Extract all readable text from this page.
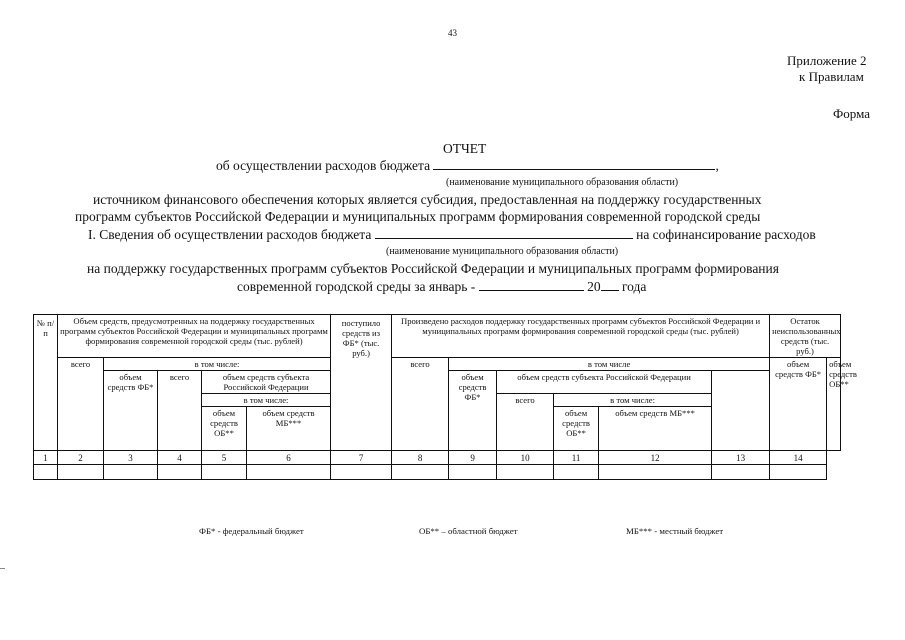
43
Приложение 2
к Правилам
Форма
ОТЧЕТ
об осуществлении расходов бюджета	,
(наименование муниципального образования области)
источником финансового обеспечения которых является субсидия, предоставленная на поддержку государственных
программ субъектов Российской Федерации и муниципальных программ формирования современной городской среды
I. Сведения об осуществлении расходов бюджета	на софинансирование расходов
(наименование муниципального образования области)
на поддержку государственных программ субъектов Российской Федерации и муниципальных программ формирования
современной городской среды за январь -	20 года
№ п/п	Объем средств, предусмотренных на поддержку государственных программ субъектов Российской Федерации и муниципальных программ формирования современной городской среды (тыс. рублей)					поступило средств из ФБ* (тыс. руб.)	Произведено расходов поддержку государственных программ субъектов Российской Федерации и муниципальных программ формирования современной городской среды (тыс. рублей)						Остаток неиспользованных средств (тыс. руб.)	
	всего	в том числе:					всего	в том числе					объем средств ФБ*	объем средств ОБ**
		объем средств ФБ*	всего	объем средств субъекта Российской Федерации				объем средств ФБ*	объем средств субъекта Российской Федерации					
				в том числе:					всего	в том числе:				
				объем средств ОБ**	объем средств МБ***					объем средств ОБ**	объем средств МБ***			
1	2	3	4	5	6	7	8	9	10	11	12	13	14	

ФБ* - федеральный бюджет	ОБ** – областной бюджет	МБ*** - местный бюджет
